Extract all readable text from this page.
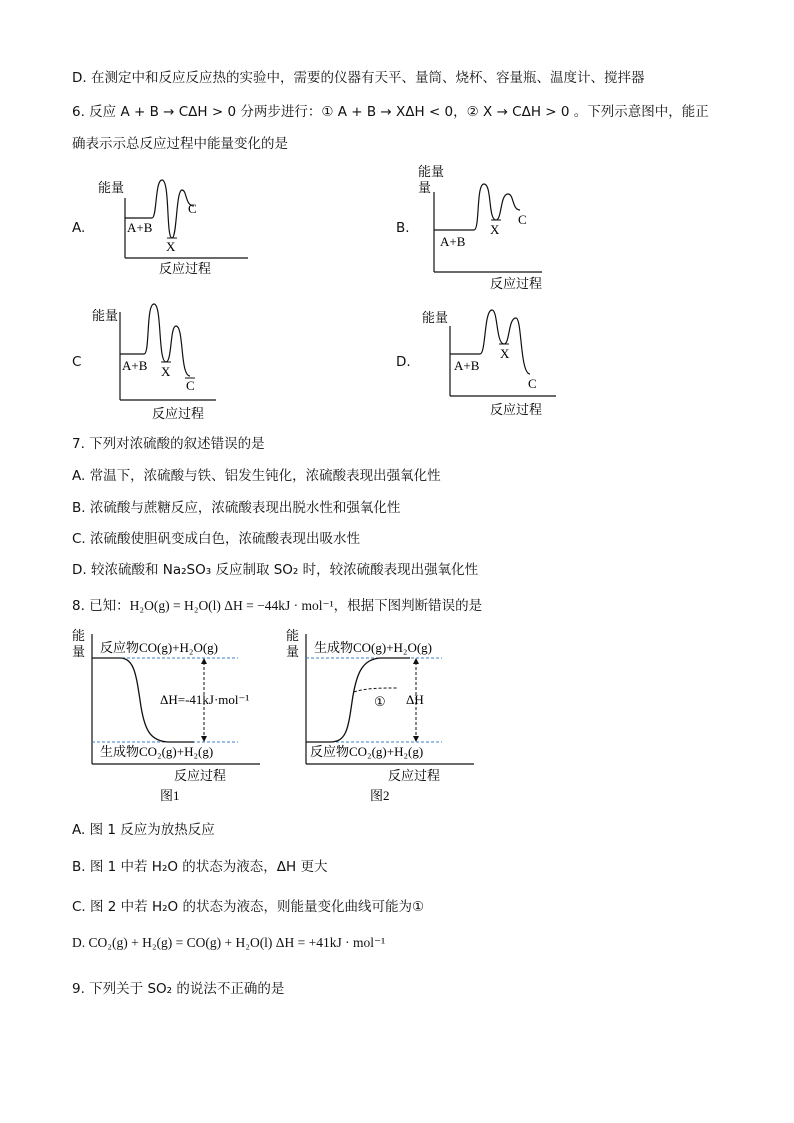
D. 在测定中和反应反应热的实验中，需要的仪器有天平、量筒、烧杯、容量瓶、温度计、搅拌器
6. 反应 A + B → CΔH > 0 分两步进行：① A + B → XΔH < 0，② X → CΔH > 0 。下列示意图中，能正
确表示示总反应过程中能量变化的是
A.
能量
A+B
X
C
反应过程
B.
能量
量
A+B
X
C
反应过程
C
能量
A+B X
C
反应过程
D.
能量
A+B
X
C
反应过程
7. 下列对浓硫酸的叙述错误的是
A. 常温下，浓硫酸与铁、铝发生钝化，浓硫酸表现出强氧化性
B. 浓硫酸与蔗糖反应，浓硫酸表现出脱水性和强氧化性
C. 浓硫酸使胆矾变成白色，浓硫酸表现出吸水性
D. 较浓硫酸和 Na₂SO₃ 反应制取 SO₂ 时，较浓硫酸表现出强氧化性
8. 已知：H₂O(g) = H₂O(l) ΔH = −44kJ · mol⁻¹，根据下图判断错误的是
能
量 反应物CO(g)+H₂O(g)
生成物CO₂(g)+H₂(g)
ΔH=-41kJ·mol⁻¹
反应过程
图1
能
量 生成物CO(g)+H₂O(g)
反应物CO₂(g)+H₂(g)
① ΔH
反应过程
图2
A. 图 1 反应为放热反应
B. 图 1 中若 H₂O 的状态为液态，ΔH 更大
C. 图 2 中若 H₂O 的状态为液态，则能量变化曲线可能为①
D. CO₂(g) + H₂(g) = CO(g) + H₂O(l) ΔH = +41kJ · mol⁻¹
9. 下列关于 SO₂ 的说法不正确的是
